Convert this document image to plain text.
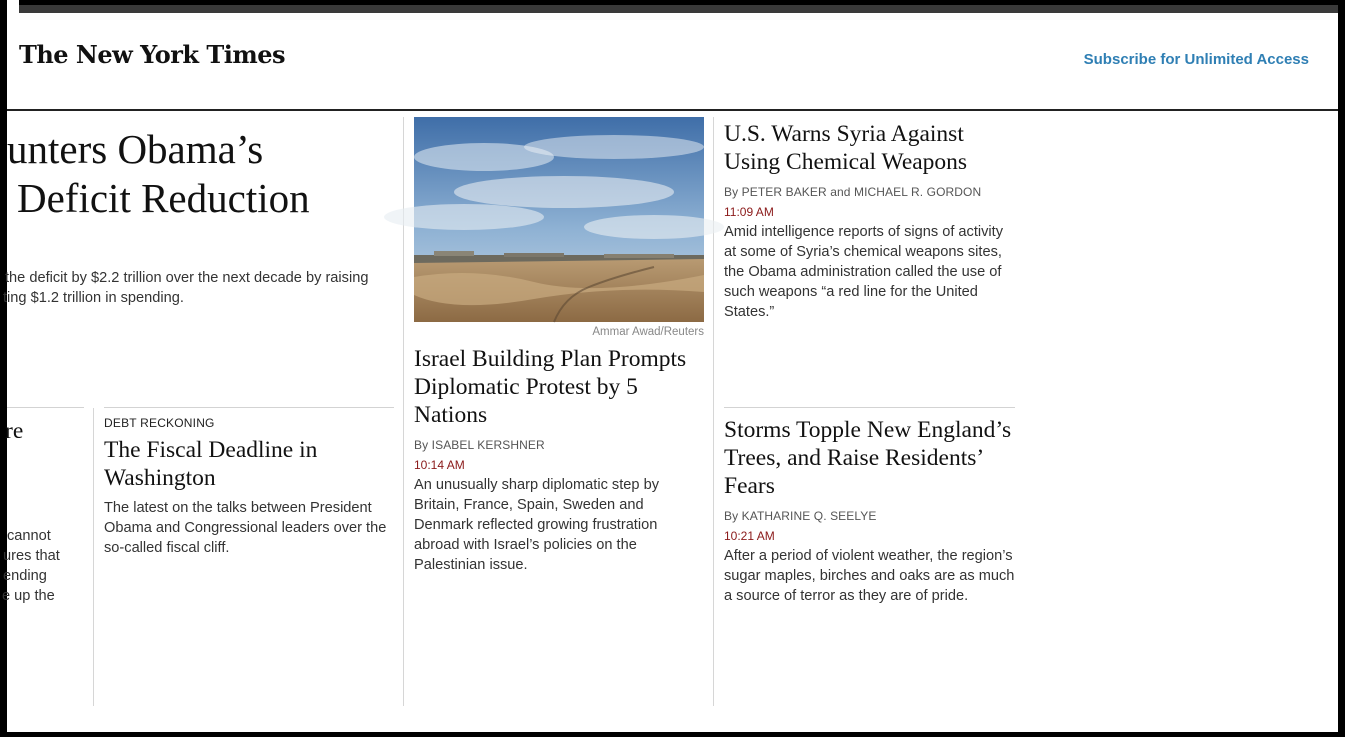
The New York Times	Subscribe for Unlimited Access
unters Obama’s
Deficit Reduction
the deficit by $2.2 trillion over the next decade by raising
ting $1.2 trillion in spending.
re
cannot
ures that
ending
e up the
DEBT RECKONING
The Fiscal Deadline in Washington
The latest on the talks between President Obama and Congressional leaders over the so-called fiscal cliff.
Ammar Awad/Reuters
Israel Building Plan Prompts Diplomatic Protest by 5 Nations
By ISABEL KERSHNER
10:14 AM
An unusually sharp diplomatic step by Britain, France, Spain, Sweden and Denmark reflected growing frustration abroad with Israel’s policies on the Palestinian issue.
U.S. Warns Syria Against Using Chemical Weapons
By PETER BAKER and MICHAEL R. GORDON
11:09 AM
Amid intelligence reports of signs of activity at some of Syria’s chemical weapons sites, the Obama administration called the use of such weapons “a red line for the United States.”
Storms Topple New England’s Trees, and Raise Residents’ Fears
By KATHARINE Q. SEELYE
10:21 AM
After a period of violent weather, the region’s sugar maples, birches and oaks are as much a source of terror as they are of pride.
